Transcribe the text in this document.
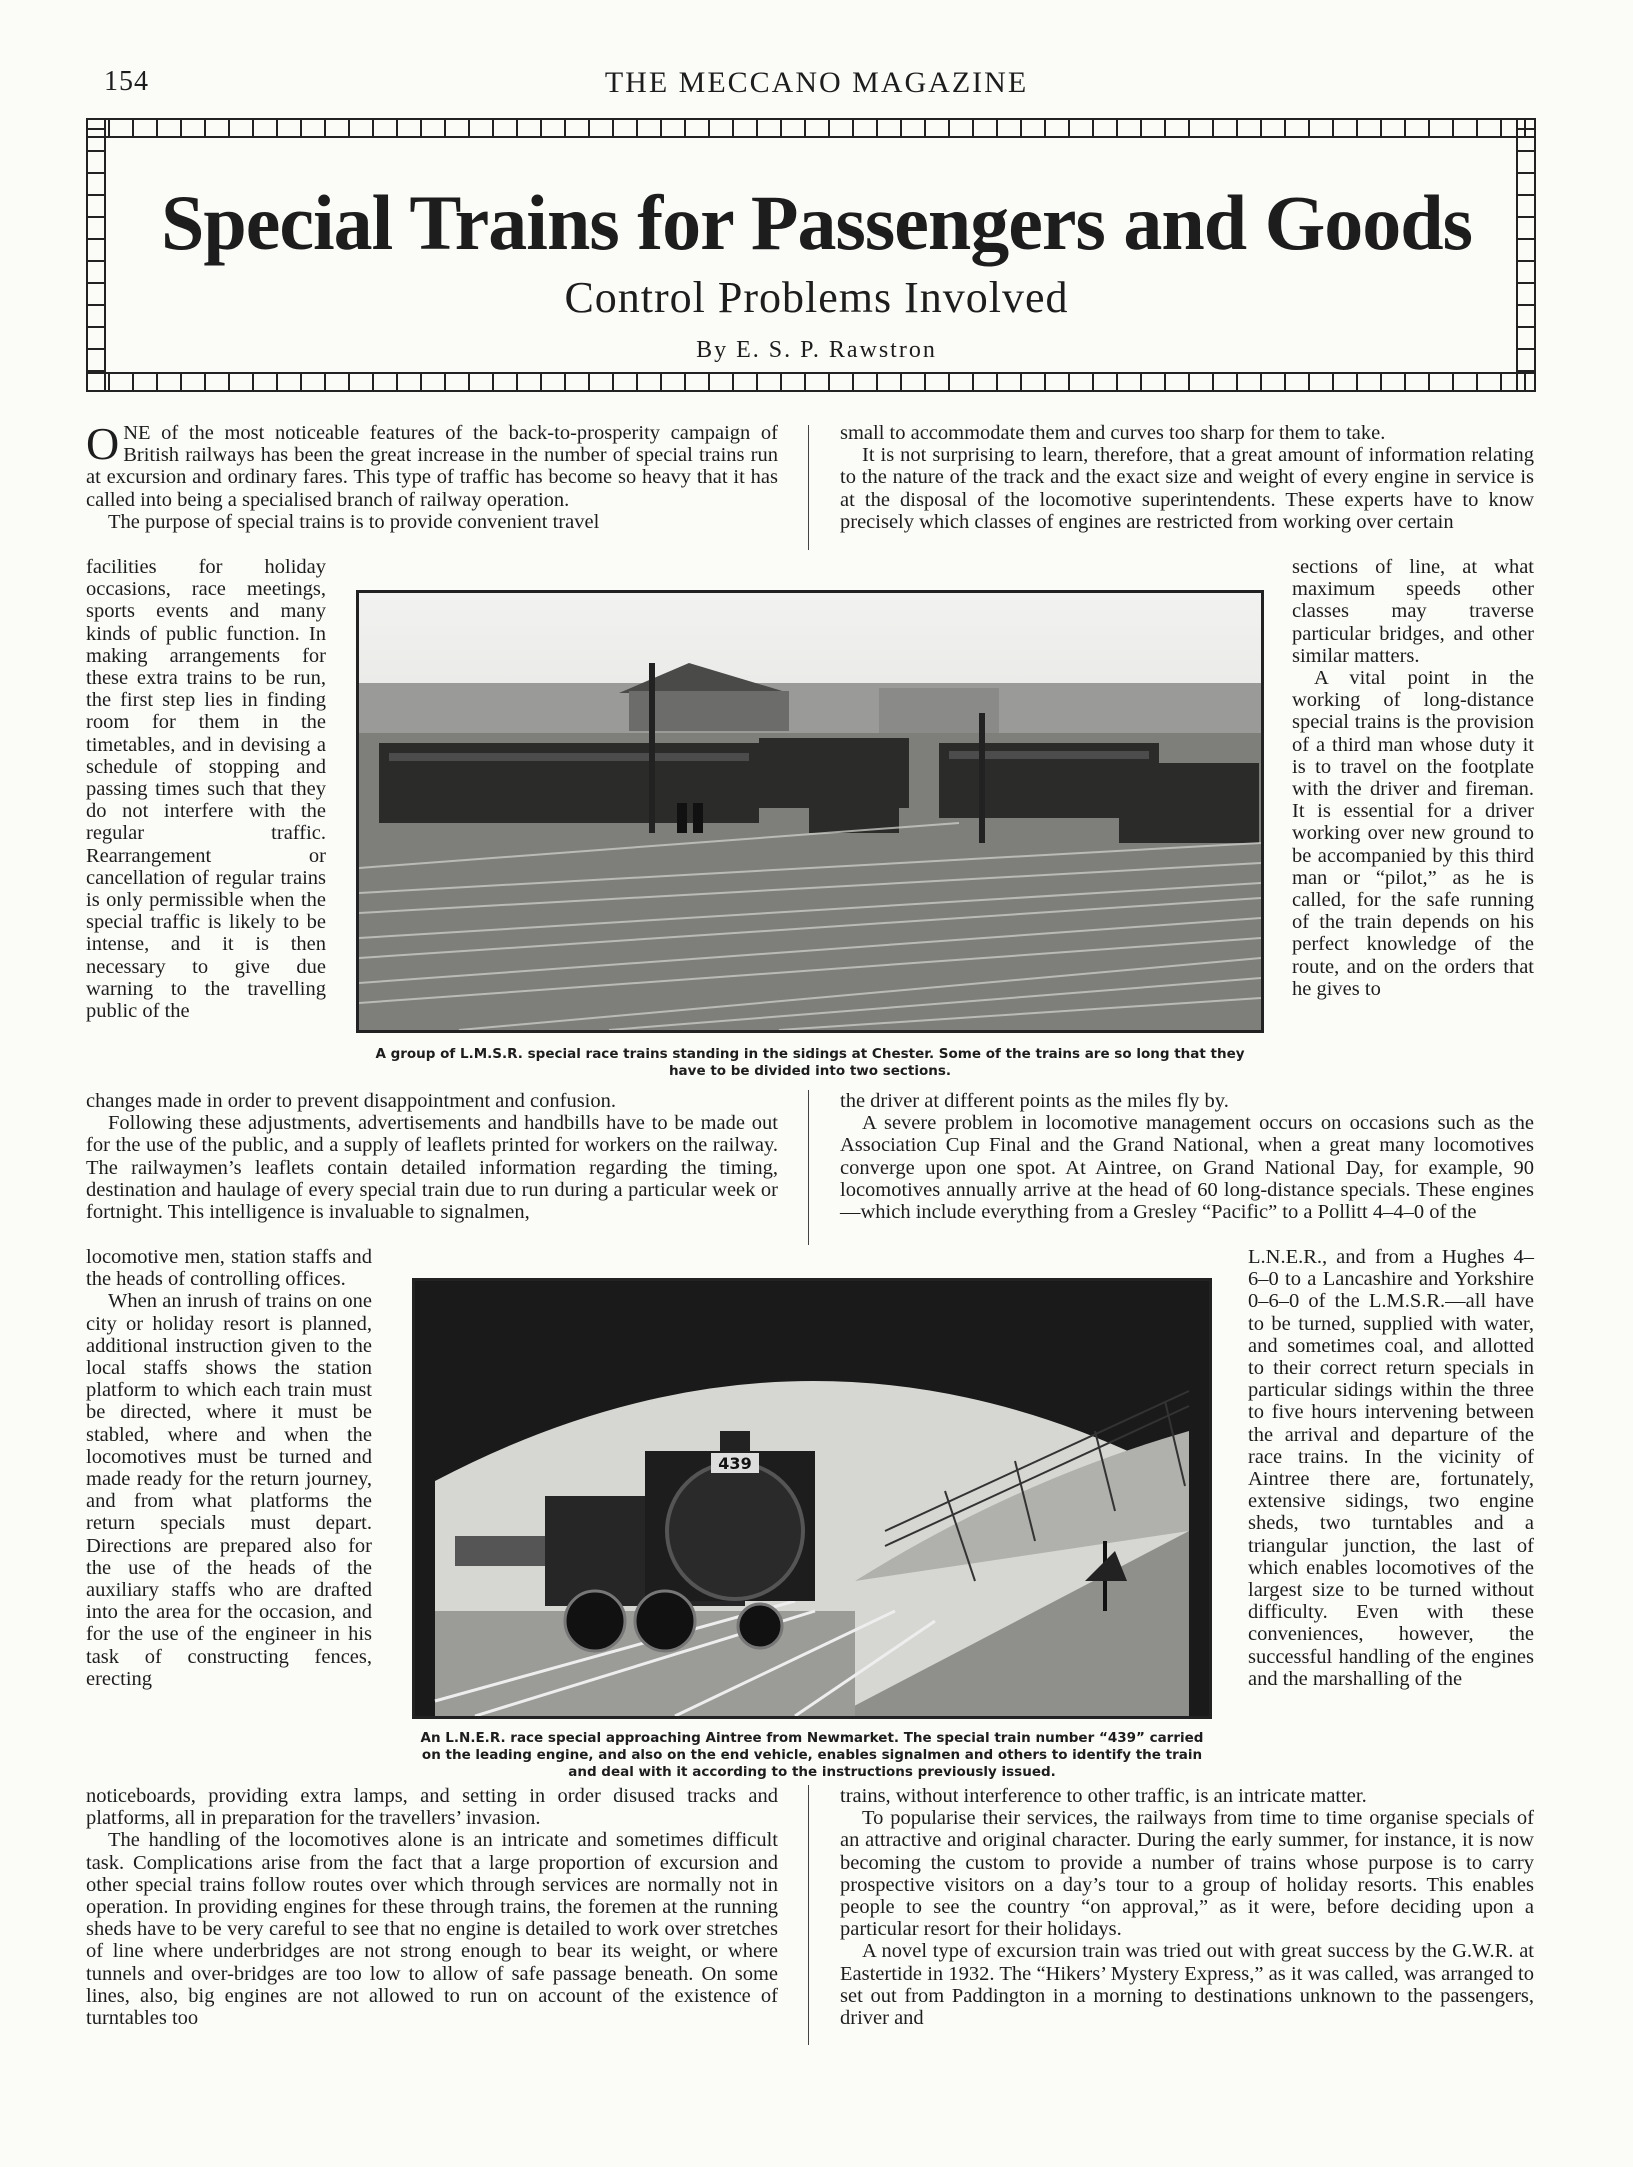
154	THE MECCANO MAGAZINE
Special Trains for Passengers and Goods
Control Problems Involved
By E. S. P. Rawstron

ONE of the most noticeable features of the back-to-prosperity campaign of British railways has been the great increase in the number of special trains run at excursion and ordinary fares. This type of traffic has become so heavy that it has called into being a specialised branch of railway operation.

The purpose of special trains is to provide convenient travel

small to accommodate them and curves too sharp for them to take.

It is not surprising to learn, therefore, that a great amount of information relating to the nature of the track and the exact size and weight of every engine in service is at the disposal of the locomotive superintendents. These experts have to know precisely which classes of engines are restricted from working over certain

facilities for holiday occasions, race meetings, sports events and many kinds of public function. In making arrangements for these extra trains to be run, the first step lies in finding room for them in the timetables, and in devising a schedule of stopping and passing times such that they do not interfere with the regular traffic. Rearrangement or cancellation of regular trains is only permissible when the special traffic is likely to be intense, and it is then necessary to give due warning to the travelling public of the

sections of line, at what maximum speeds other classes may traverse particular bridges, and other similar matters.

A vital point in the working of long-distance special trains is the provision of a third man whose duty it is to travel on the footplate with the driver and fireman. It is essential for a driver working over new ground to be accompanied by this third man or “pilot,” as he is called, for the safe running of the train depends on his perfect knowledge of the route, and on the orders that he gives to

A group of L.M.S.R. special race trains standing in the sidings at Chester. Some of the trains are so long that they have to be divided into two sections.

changes made in order to prevent disappointment and confusion.

Following these adjustments, advertisements and handbills have to be made out for the use of the public, and a supply of leaflets printed for workers on the railway. The railwaymen’s leaflets contain detailed information regarding the timing, destination and haulage of every special train due to run during a particular week or fortnight. This intelligence is invaluable to signalmen,

the driver at different points as the miles fly by.

A severe problem in locomotive management occurs on occasions such as the Association Cup Final and the Grand National, when a great many locomotives converge upon one spot. At Aintree, on Grand National Day, for example, 90 locomotives annually arrive at the head of 60 long-distance specials. These engines—which include everything from a Gresley “Pacific” to a Pollitt 4–4–0 of the

locomotive men, station staffs and the heads of controlling offices.

When an inrush of trains on one city or holiday resort is planned, additional instruction given to the local staffs shows the station platform to which each train must be directed, where it must be stabled, where and when the locomotives must be turned and made ready for the return journey, and from what platforms the return specials must depart. Directions are prepared also for the use of the heads of the auxiliary staffs who are drafted into the area for the occasion, and for the use of the engineer in his task of constructing fences, erecting

L.N.E.R., and from a Hughes 4–6–0 to a Lancashire and Yorkshire 0–6–0 of the L.M.S.R.—all have to be turned, supplied with water, and sometimes coal, and allotted to their correct return specials in particular sidings within the three to five hours intervening between the arrival and departure of the race trains. In the vicinity of Aintree there are, fortunately, extensive sidings, two engine sheds, two turntables and a triangular junction, the last of which enables locomotives of the largest size to be turned without difficulty. Even with these conveniences, however, the successful handling of the engines and the marshalling of the

439
An L.N.E.R. race special approaching Aintree from Newmarket. The special train number “439” carried on the leading engine, and also on the end vehicle, enables signalmen and others to identify the train and deal with it according to the instructions previously issued.

noticeboards, providing extra lamps, and setting in order disused tracks and platforms, all in preparation for the travellers’ invasion.

The handling of the locomotives alone is an intricate and sometimes difficult task. Complications arise from the fact that a large proportion of excursion and other special trains follow routes over which through services are normally not in operation. In providing engines for these through trains, the foremen at the running sheds have to be very careful to see that no engine is detailed to work over stretches of line where underbridges are not strong enough to bear its weight, or where tunnels and over-bridges are too low to allow of safe passage beneath. On some lines, also, big engines are not allowed to run on account of the existence of turntables too

trains, without interference to other traffic, is an intricate matter.

To popularise their services, the railways from time to time organise specials of an attractive and original character. During the early summer, for instance, it is now becoming the custom to provide a number of trains whose purpose is to carry prospective visitors on a day’s tour to a group of holiday resorts. This enables people to see the country “on approval,” as it were, before deciding upon a particular resort for their holidays.

A novel type of excursion train was tried out with great success by the G.W.R. at Eastertide in 1932. The “Hikers’ Mystery Express,” as it was called, was arranged to set out from Paddington in a morning to destinations unknown to the passengers, driver and
